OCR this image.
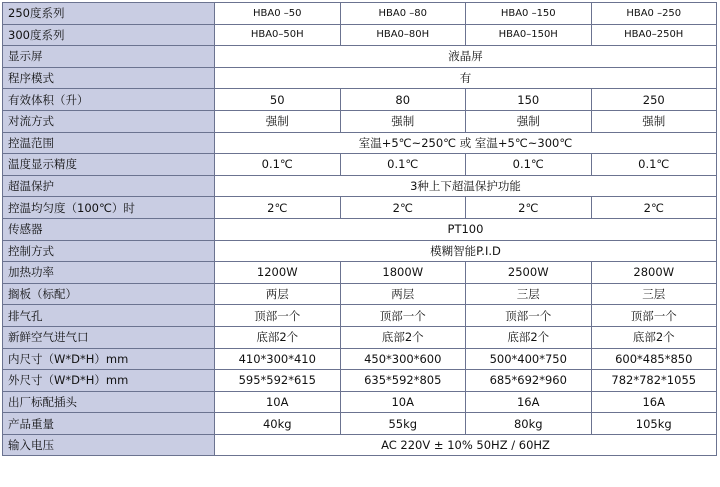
250度系列	HBA0 –50	HBA0 –80	HBA0 –150	HBA0 –250
300度系列	HBA0–50H	HBA0–80H	HBA0–150H	HBA0–250H
显示屏	液晶屏			
程序模式	有			
有效体积（升）	50	80	150	250
对流方式	强制	强制	强制	强制
控温范围	室温+5℃~250℃ 或 室温+5℃~300℃			
温度显示精度	0.1℃	0.1℃	0.1℃	0.1℃
超温保护	3种上下超温保护功能			
控温均匀度（100℃）时	2℃	2℃	2℃	2℃
传感器	PT100			
控制方式	模糊智能P.I.D			
加热功率	1200W	1800W	2500W	2800W
搁板（标配）	两层	两层	三层	三层
排气孔	顶部一个	顶部一个	顶部一个	顶部一个
新鲜空气进气口	底部2个	底部2个	底部2个	底部2个
内尺寸（W*D*H）mm	410*300*410	450*300*600	500*400*750	600*485*850
外尺寸（W*D*H）mm	595*592*615	635*592*805	685*692*960	782*782*1055
出厂标配插头	10A	10A	16A	16A
产品重量	40kg	55kg	80kg	105kg
输入电压	AC 220V ± 10% 50HZ / 60HZ			
